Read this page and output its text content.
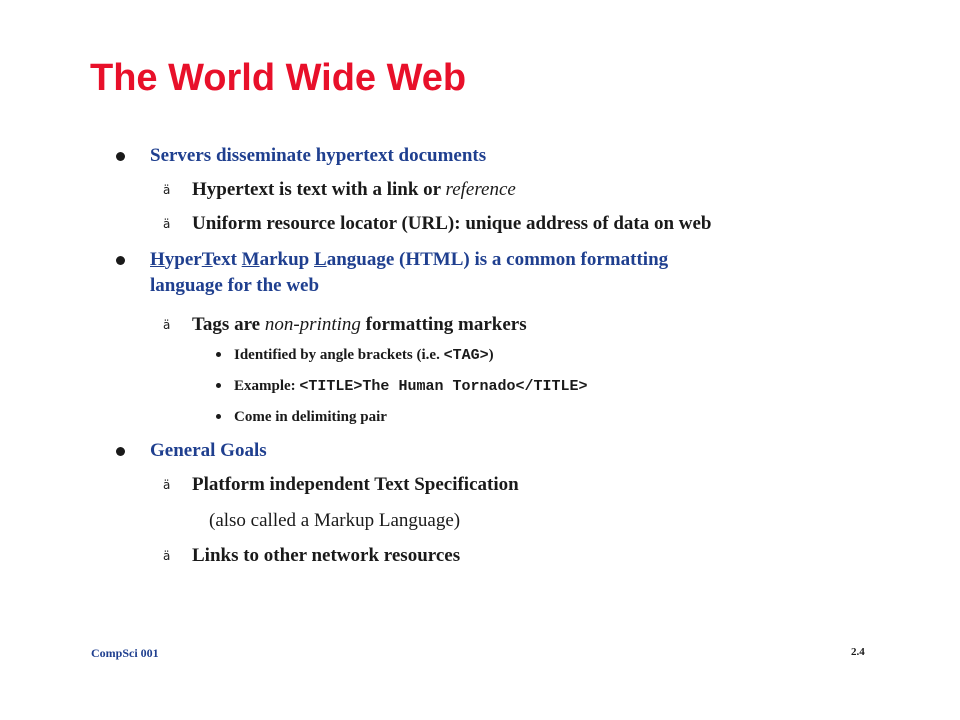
The World Wide Web
Servers disseminate hypertext documents
ä Hypertext is text with a link or reference
ä Uniform resource locator (URL): unique address of data on web
HyperText Markup Language (HTML) is a common formatting
language for the web
ä Tags are non-printing formatting markers
Identified by angle brackets (i.e. <TAG>)
Example: <TITLE>The Human Tornado</TITLE>
Come in delimiting pair
General Goals
ä Platform independent Text Specification
(also called a Markup Language)
ä Links to other network resources
CompSci 001	2.4
